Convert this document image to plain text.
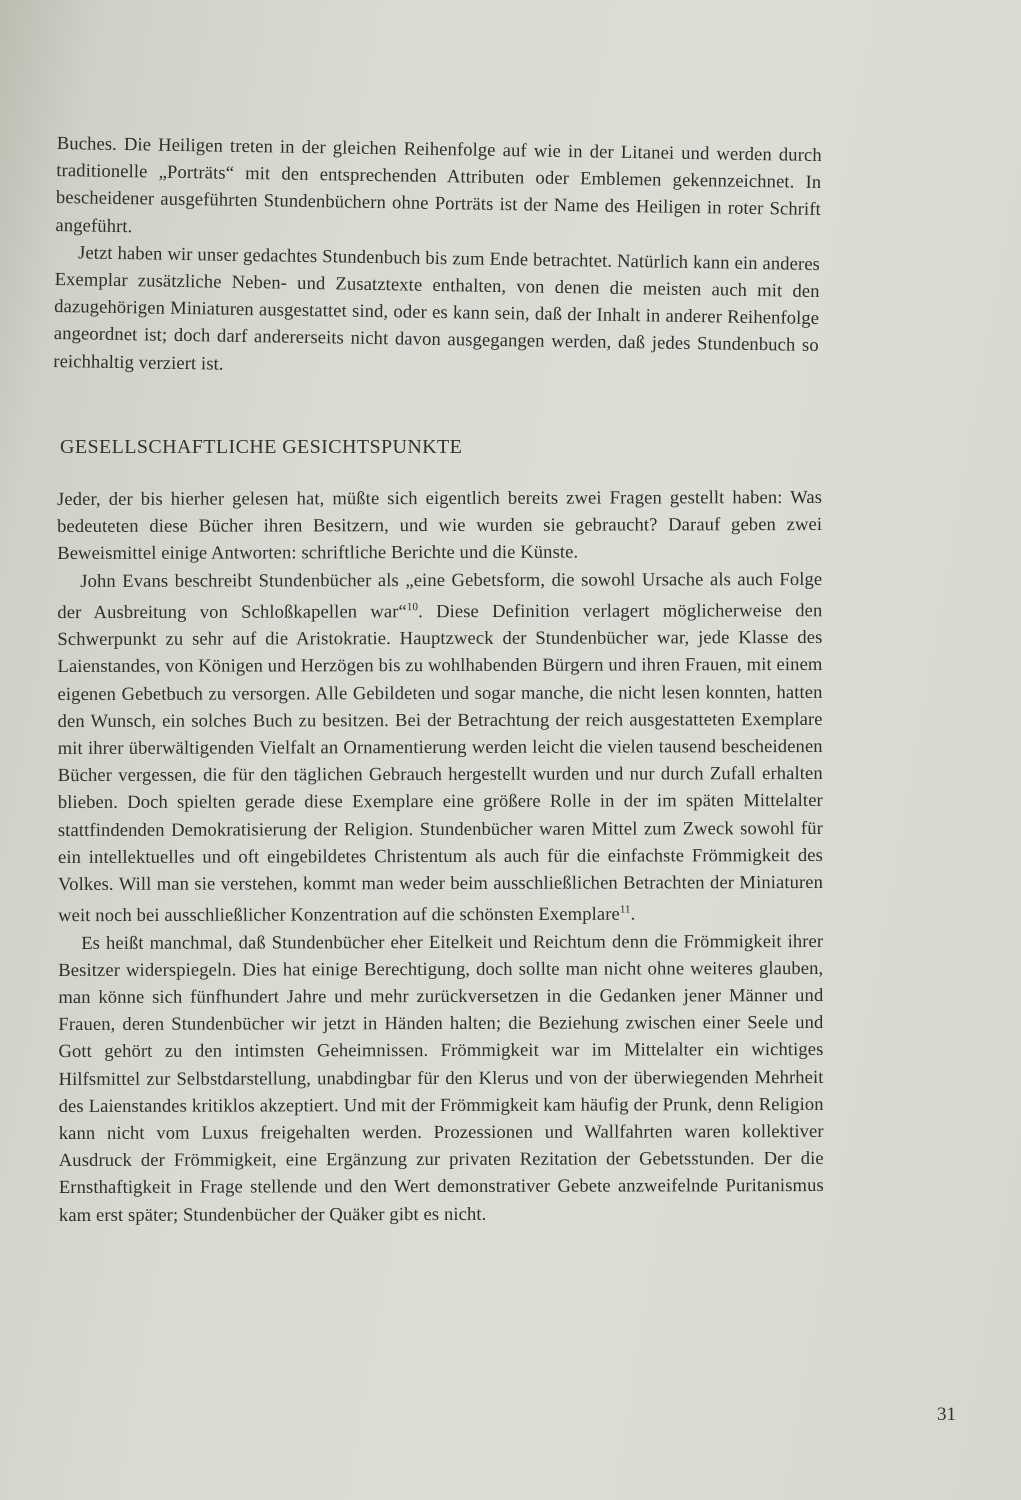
Buches. Die Heiligen treten in der gleichen Reihenfolge auf wie in der Litanei und werden durch traditionelle „Porträts“ mit den entsprechenden Attributen oder Emblemen gekennzeichnet. In bescheidener ausgeführten Stundenbüchern ohne Porträts ist der Name des Heiligen in roter Schrift angeführt.

Jetzt haben wir unser gedachtes Stundenbuch bis zum Ende betrachtet. Natürlich kann ein anderes Exemplar zusätzliche Neben- und Zusatztexte enthalten, von denen die meisten auch mit den dazugehörigen Miniaturen ausgestattet sind, oder es kann sein, daß der Inhalt in anderer Reihenfolge angeordnet ist; doch darf andererseits nicht davon ausgegangen werden, daß jedes Stundenbuch so reichhaltig verziert ist.

GESELLSCHAFTLICHE GESICHTSPUNKTE

Jeder, der bis hierher gelesen hat, müßte sich eigentlich bereits zwei Fragen gestellt haben: Was bedeuteten diese Bücher ihren Besitzern, und wie wurden sie gebraucht? Darauf geben zwei Beweismittel einige Antworten: schriftliche Berichte und die Künste.

John Evans beschreibt Stundenbücher als „eine Gebetsform, die sowohl Ursache als auch Folge der Ausbreitung von Schloßkapellen war“$^{10}$. Diese Definition verlagert möglicherweise den Schwerpunkt zu sehr auf die Aristokratie. Hauptzweck der Stundenbücher war, jede Klasse des Laienstandes, von Königen und Herzögen bis zu wohlhabenden Bürgern und ihren Frauen, mit einem eigenen Gebetbuch zu versorgen. Alle Gebildeten und sogar manche, die nicht lesen konnten, hatten den Wunsch, ein solches Buch zu besitzen. Bei der Betrachtung der reich ausgestatteten Exemplare mit ihrer überwältigenden Vielfalt an Ornamentierung werden leicht die vielen tausend bescheidenen Bücher vergessen, die für den täglichen Gebrauch hergestellt wurden und nur durch Zufall erhalten blieben. Doch spielten gerade diese Exemplare eine größere Rolle in der im späten Mittelalter stattfindenden Demokratisierung der Religion. Stundenbücher waren Mittel zum Zweck sowohl für ein intellektuelles und oft eingebildetes Christentum als auch für die einfachste Frömmigkeit des Volkes. Will man sie verstehen, kommt man weder beim ausschließlichen Betrachten der Miniaturen weit noch bei ausschließlicher Konzentration auf die schönsten Exemplare$^{11}$.

Es heißt manchmal, daß Stundenbücher eher Eitelkeit und Reichtum denn die Frömmigkeit ihrer Besitzer widerspiegeln. Dies hat einige Berechtigung, doch sollte man nicht ohne weiteres glauben, man könne sich fünfhundert Jahre und mehr zurückversetzen in die Gedanken jener Männer und Frauen, deren Stundenbücher wir jetzt in Händen halten; die Beziehung zwischen einer Seele und Gott gehört zu den intimsten Geheimnissen. Frömmigkeit war im Mittelalter ein wichtiges Hilfsmittel zur Selbstdarstellung, unabdingbar für den Klerus und von der überwiegenden Mehrheit des Laienstandes kritiklos akzeptiert. Und mit der Frömmigkeit kam häufig der Prunk, denn Religion kann nicht vom Luxus freigehalten werden. Prozessionen und Wallfahrten waren kollektiver Ausdruck der Frömmigkeit, eine Ergänzung zur privaten Rezitation der Gebetsstunden. Der die Ernsthaftigkeit in Frage stellende und den Wert demonstrativer Gebete anzweifelnde Puritanismus kam erst später; Stundenbücher der Quäker gibt es nicht.

31
